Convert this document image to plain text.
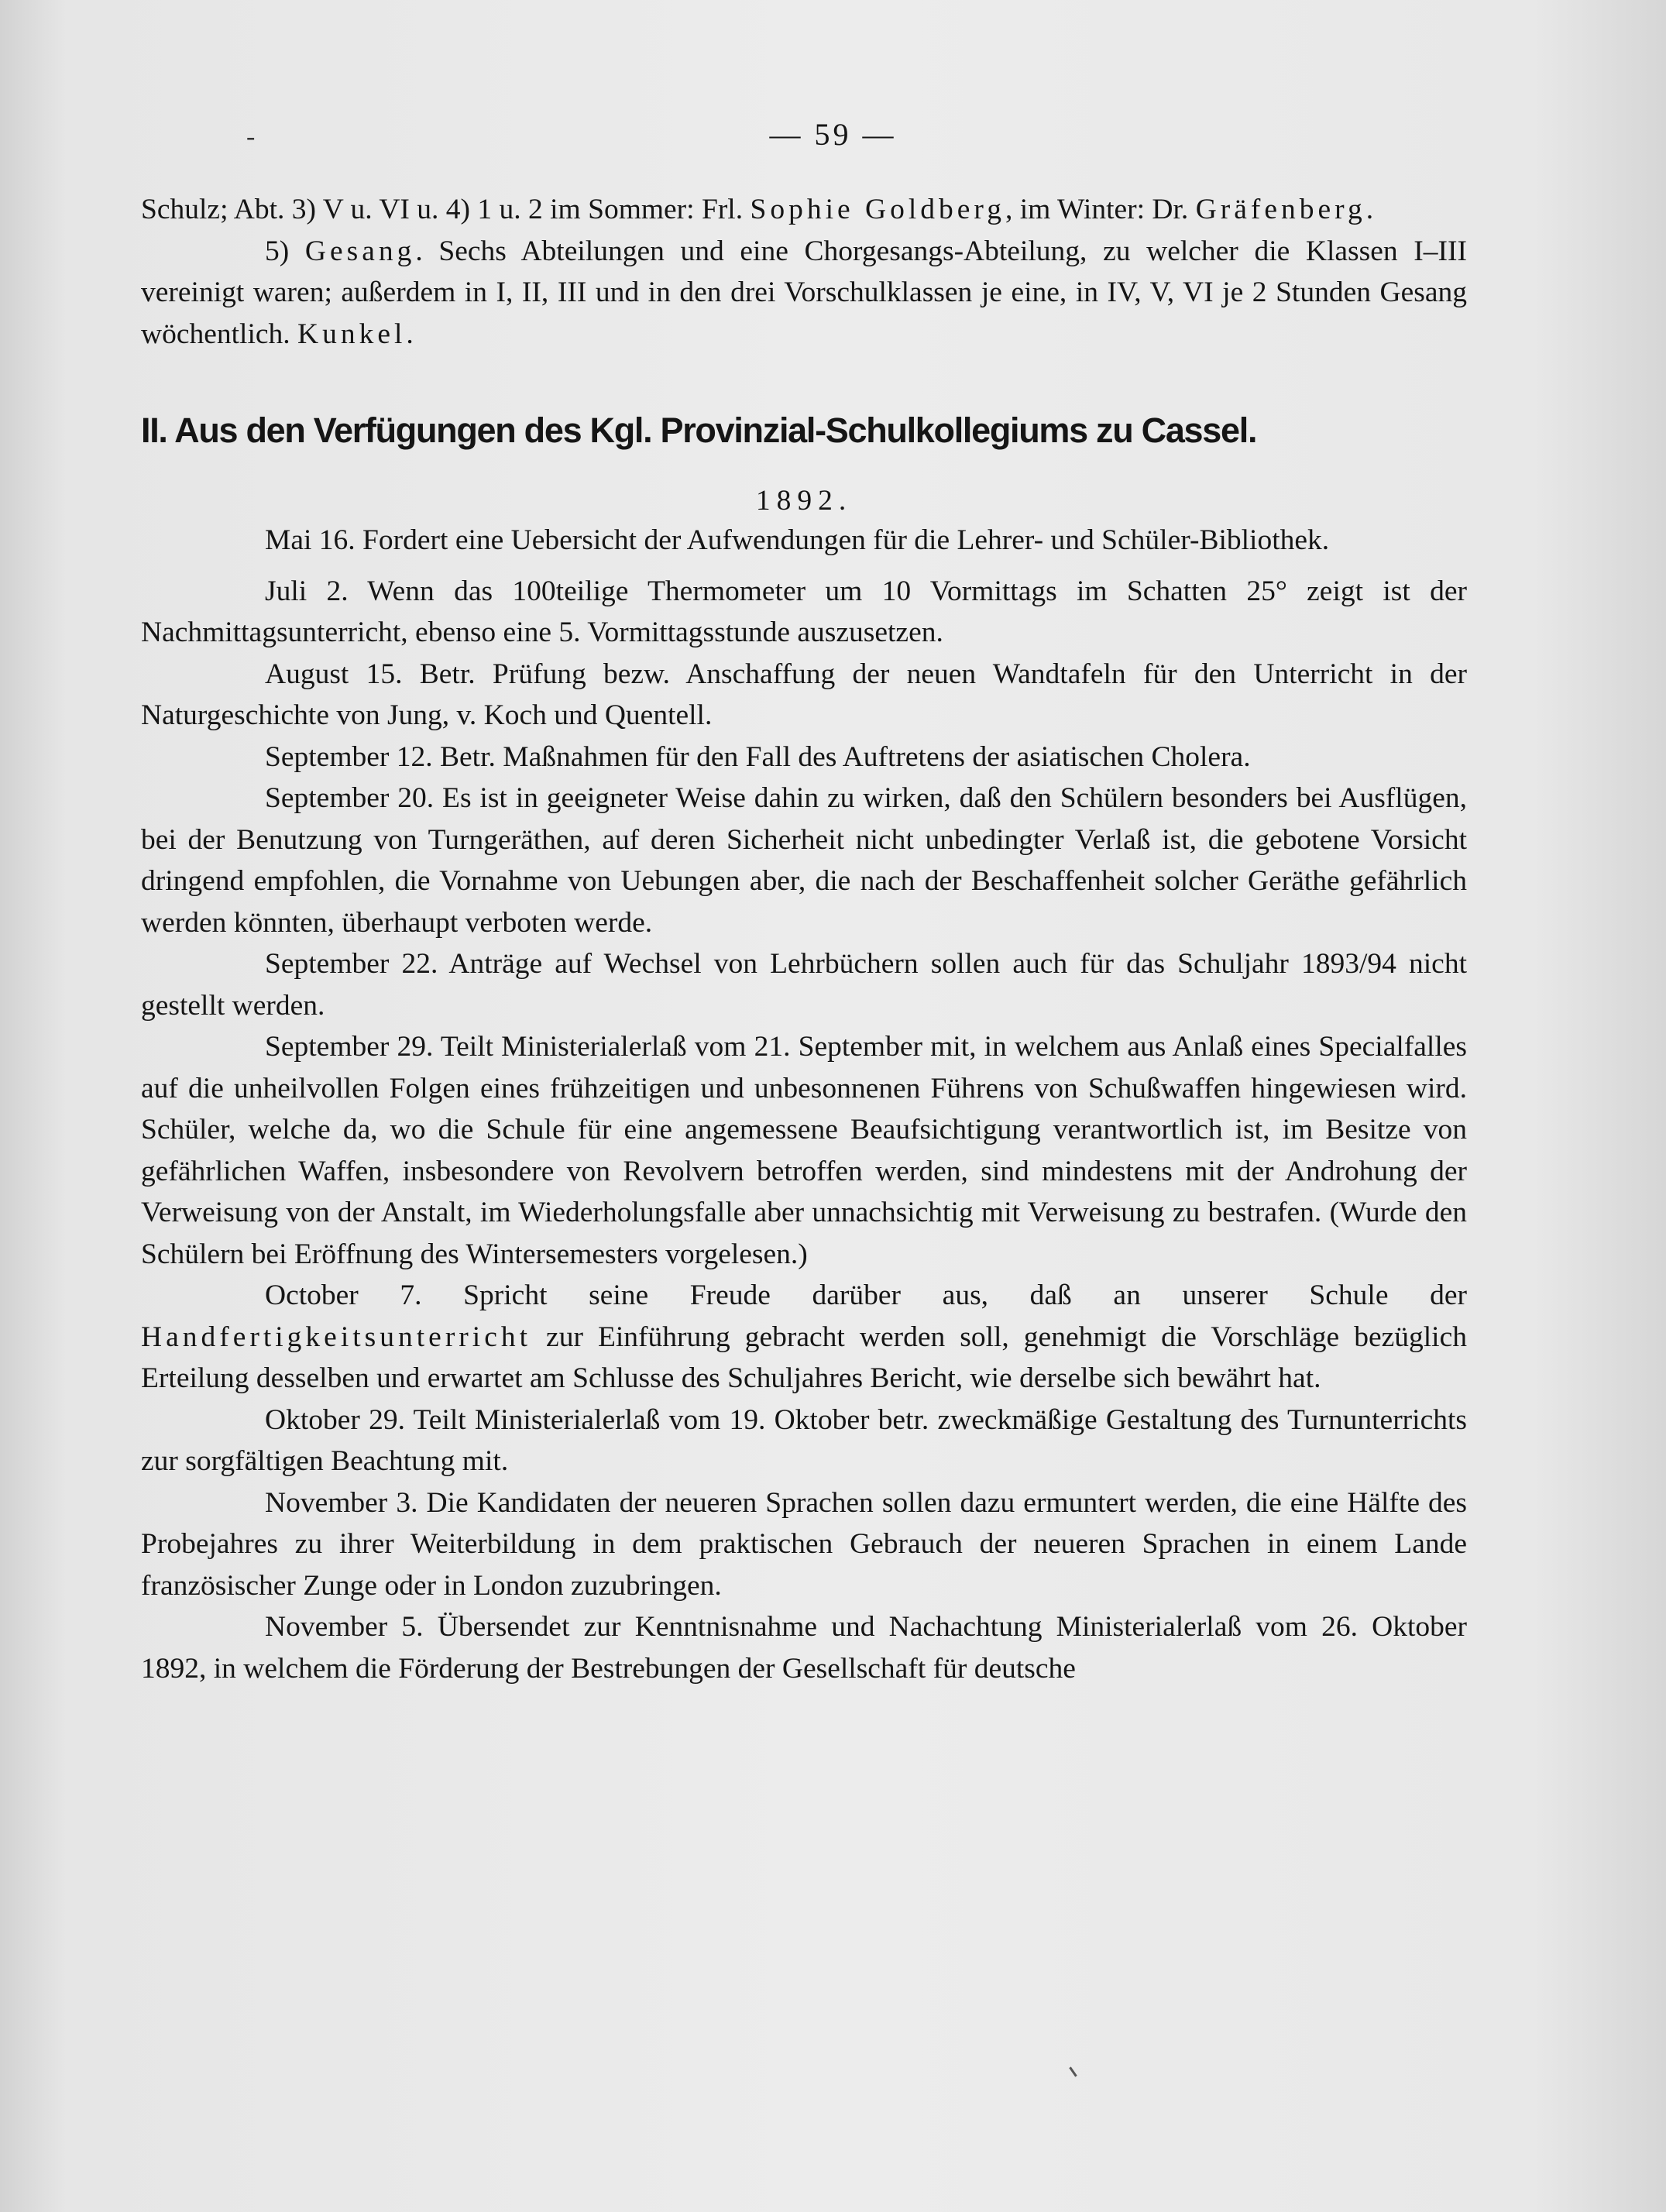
-	— 59 —

Schulz; Abt. 3) V u. VI u. 4) 1 u. 2 im Sommer: Frl. Sophie Goldberg, im Winter: Dr. Gräfenberg.

5) Gesang. Sechs Abteilungen und eine Chorgesangs-Abteilung, zu welcher die Klassen I–III vereinigt waren; außerdem in I, II, III und in den drei Vorschulklassen je eine, in IV, V, VI je 2 Stunden Gesang wöchentlich. Kunkel.

II. Aus den Verfügungen des Kgl. Provinzial-Schulkollegiums zu Cassel.
1892.

Mai 16. Fordert eine Uebersicht der Aufwendungen für die Lehrer- und Schüler-Bibliothek.

Juli 2. Wenn das 100teilige Thermometer um 10 Vormittags im Schatten 25° zeigt ist der Nachmittagsunterricht, ebenso eine 5. Vormittagsstunde auszusetzen.

August 15. Betr. Prüfung bezw. Anschaffung der neuen Wandtafeln für den Unterricht in der Naturgeschichte von Jung, v. Koch und Quentell.

September 12. Betr. Maßnahmen für den Fall des Auftretens der asiatischen Cholera.

September 20. Es ist in geeigneter Weise dahin zu wirken, daß den Schülern besonders bei Ausflügen, bei der Benutzung von Turngeräthen, auf deren Sicherheit nicht unbedingter Verlaß ist, die gebotene Vorsicht dringend empfohlen, die Vornahme von Uebungen aber, die nach der Beschaffenheit solcher Geräthe gefährlich werden könnten, überhaupt verboten werde.

September 22. Anträge auf Wechsel von Lehrbüchern sollen auch für das Schuljahr 1893/94 nicht gestellt werden.

September 29. Teilt Ministerialerlaß vom 21. September mit, in welchem aus Anlaß eines Specialfalles auf die unheilvollen Folgen eines frühzeitigen und unbesonnenen Führens von Schußwaffen hingewiesen wird. Schüler, welche da, wo die Schule für eine angemessene Beaufsichtigung verantwortlich ist, im Besitze von gefährlichen Waffen, insbesondere von Revolvern betroffen werden, sind mindestens mit der Androhung der Verweisung von der Anstalt, im Wiederholungsfalle aber unnachsichtig mit Verweisung zu bestrafen. (Wurde den Schülern bei Eröffnung des Wintersemesters vorgelesen.)

October 7. Spricht seine Freude darüber aus, daß an unserer Schule der Handfertigkeitsunterricht zur Einführung gebracht werden soll, genehmigt die Vorschläge bezüglich Erteilung desselben und erwartet am Schlusse des Schuljahres Bericht, wie derselbe sich bewährt hat.

Oktober 29. Teilt Ministerialerlaß vom 19. Oktober betr. zweckmäßige Gestaltung des Turnunterrichts zur sorgfältigen Beachtung mit.

November 3. Die Kandidaten der neueren Sprachen sollen dazu ermuntert werden, die eine Hälfte des Probejahres zu ihrer Weiterbildung in dem praktischen Gebrauch der neueren Sprachen in einem Lande französischer Zunge oder in London zuzubringen.

November 5. Übersendet zur Kenntnisnahme und Nachachtung Ministerialerlaß vom 26. Oktober 1892, in welchem die Förderung der Bestrebungen der Gesellschaft für deutsche
